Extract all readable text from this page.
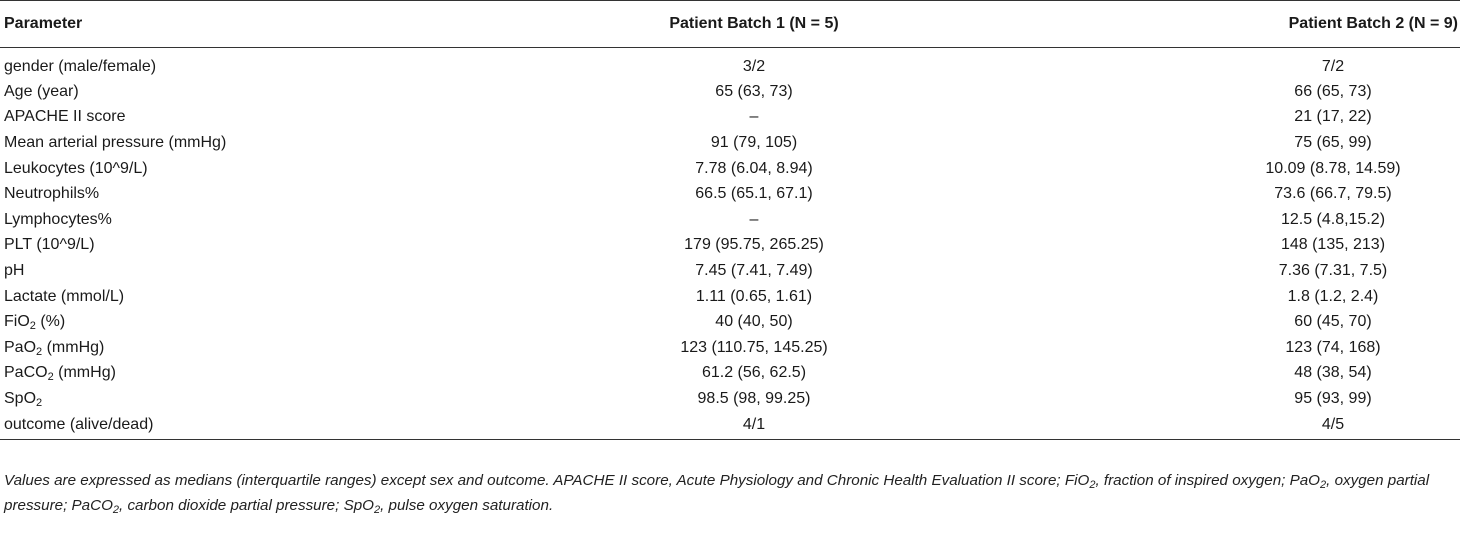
Parameter	Patient Batch 1 (N = 5)	Patient Batch 2 (N = 9)
gender (male/female)	3/2	7/2
Age (year)	65 (63, 73)	66 (65, 73)
APACHE II score	–	21 (17, 22)
Mean arterial pressure (mmHg)	91 (79, 105)	75 (65, 99)
Leukocytes (10^9/L)	7.78 (6.04, 8.94)	10.09 (8.78, 14.59)
Neutrophils%	66.5 (65.1, 67.1)	73.6 (66.7, 79.5)
Lymphocytes%	–	12.5 (4.8,15.2)
PLT (10^9/L)	179 (95.75, 265.25)	148 (135, 213)
pH	7.45 (7.41, 7.49)	7.36 (7.31, 7.5)
Lactate (mmol/L)	1.11 (0.65, 1.61)	1.8 (1.2, 2.4)
FiO$_2$ (%)	40 (40, 50)	60 (45, 70)
PaO$_2$ (mmHg)	123 (110.75, 145.25)	123 (74, 168)
PaCO$_2$ (mmHg)	61.2 (56, 62.5)	48 (38, 54)
SpO$_2$	98.5 (98, 99.25)	95 (93, 99)
outcome (alive/dead)	4/1	4/5
Values are expressed as medians (interquartile ranges) except sex and outcome. APACHE II score, Acute Physiology and Chronic Health Evaluation II score; FiO$_2$, fraction of inspired oxygen; PaO$_2$, oxygen partial pressure; PaCO$_2$, carbon dioxide partial pressure; SpO$_2$, pulse oxygen saturation.
